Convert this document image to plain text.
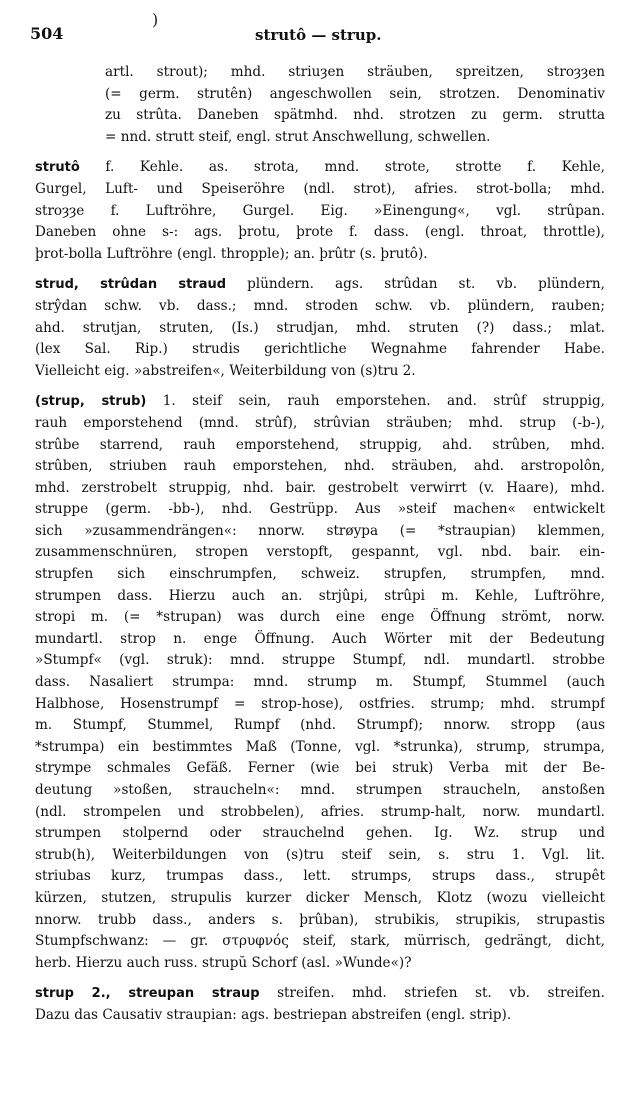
)
504	strutô — strup.
artl. strout); mhd. striuȝen sträuben, spreitzen, stroȝȝen
(= germ. strutên) angeschwollen sein, strotzen. Denominativ
zu strûta. Daneben spätmhd. nhd. strotzen zu germ. strutta
= nnd. strutt steif, engl. strut Anschwellung, schwellen.
strutô f. Kehle. as. strota, mnd. strote, strotte f. Kehle,
Gurgel, Luft- und Speiseröhre (ndl. strot), afries. strot-bolla; mhd.
stroȝȝe f. Luftröhre, Gurgel. Eig. »Einengung«, vgl. strûpan.
Daneben ohne s-: ags. þrotu, þrote f. dass. (engl. throat, throttle),
þrot-bolla Luftröhre (engl. thropple); an. þrûtr (s. þrutô).
strud, strûdan straud plündern. ags. strûdan st. vb. plündern,
strŷdan schw. vb. dass.; mnd. stroden schw. vb. plündern, rauben;
ahd. strutjan, struten, (Is.) strudjan, mhd. struten (?) dass.; mlat.
(lex Sal. Rip.) strudis gerichtliche Wegnahme fahrender Habe.
Vielleicht eig. »abstreifen«, Weiterbildung von (s)tru 2.
(strup, strub) 1. steif sein, rauh emporstehen. and. strûf struppig,
rauh emporstehend (mnd. strûf), strûvian sträuben; mhd. strup (-b-),
strûbe starrend, rauh emporstehend, struppig, ahd. strûben, mhd.
strûben, striuben rauh emporstehen, nhd. sträuben, ahd. arstropolôn,
mhd. zerstrobelt struppig, nhd. bair. gestrobelt verwirrt (v. Haare), mhd.
struppe (germ. -bb-), nhd. Gestrüpp. Aus »steif machen« entwickelt
sich »zusammendrängen«: nnorw. strøypa (= *straupian) klemmen,
zusammenschnüren, stropen verstopft, gespannt, vgl. nbd. bair. ein-
strupfen sich einschrumpfen, schweiz. strupfen, strumpfen, mnd.
strumpen dass. Hierzu auch an. strjûpi, strûpi m. Kehle, Luftröhre,
stropi m. (= *strupan) was durch eine enge Öffnung strömt, norw.
mundartl. strop n. enge Öffnung. Auch Wörter mit der Bedeutung
»Stumpf« (vgl. struk): mnd. struppe Stumpf, ndl. mundartl. strobbe
dass. Nasaliert strumpa: mnd. strump m. Stumpf, Stummel (auch
Halbhose, Hosenstrumpf = strop-hose), ostfries. strump; mhd. strumpf
m. Stumpf, Stummel, Rumpf (nhd. Strumpf); nnorw. stropp (aus
*strumpa) ein bestimmtes Maß (Tonne, vgl. *strunka), strump, strumpa,
strympe schmales Gefäß. Ferner (wie bei struk) Verba mit der Be-
deutung »stoßen, straucheln«: mnd. strumpen straucheln, anstoßen
(ndl. strompelen und strobbelen), afries. strump-halt, norw. mundartl.
strumpen stolpernd oder strauchelnd gehen. Ig. Wz. strup und
strub(h), Weiterbildungen von (s)tru steif sein, s. stru 1. Vgl. lit.
striubas kurz, trumpas dass., lett. strumps, strups dass., strupêt
kürzen, stutzen, strupulis kurzer dicker Mensch, Klotz (wozu vielleicht
nnorw. trubb dass., anders s. þrûban), strubikis, strupikis, strupastis
Stumpfschwanz: — gr. στρυφνός steif, stark, mürrisch, gedrängt, dicht,
herb. Hierzu auch russ. strupŭ Schorf (asl. »Wunde«)?
strup 2., streupan straup streifen. mhd. striefen st. vb. streifen.
Dazu das Causativ straupian: ags. bestriepan abstreifen (engl. strip).
